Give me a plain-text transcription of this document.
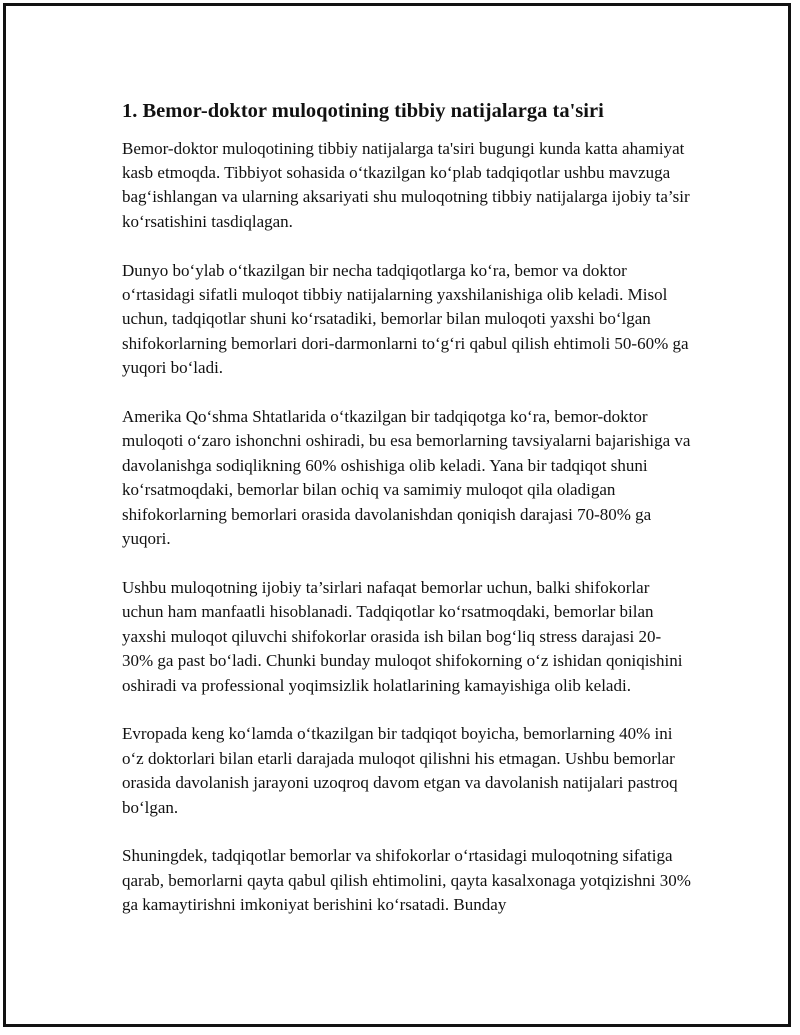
1. Bemor-doktor muloqotining tibbiy natijalarga ta'siri

Bemor-doktor muloqotining tibbiy natijalarga ta'siri bugungi kunda katta ahamiyat kasb etmoqda. Tibbiyot sohasida o‘tkazilgan ko‘plab tadqiqotlar ushbu mavzuga bag‘ishlangan va ularning aksariyati shu muloqotning tibbiy natijalarga ijobiy ta’sir ko‘rsatishini tasdiqlagan.

Dunyo bo‘ylab o‘tkazilgan bir necha tadqiqotlarga ko‘ra, bemor va doktor o‘rtasidagi sifatli muloqot tibbiy natijalarning yaxshilanishiga olib keladi. Misol uchun, tadqiqotlar shuni ko‘rsatadiki, bemorlar bilan muloqoti yaxshi bo‘lgan shifokorlarning bemorlari dori-darmonlarni to‘g‘ri qabul qilish ehtimoli 50-60% ga yuqori bo‘ladi.

Amerika Qo‘shma Shtatlarida o‘tkazilgan bir tadqiqotga ko‘ra, bemor-doktor muloqoti o‘zaro ishonchni oshiradi, bu esa bemorlarning tavsiyalarni bajarishiga va davolanishga sodiqlikning 60% oshishiga olib keladi. Yana bir tadqiqot shuni ko‘rsatmoqdaki, bemorlar bilan ochiq va samimiy muloqot qila oladigan shifokorlarning bemorlari orasida davolanishdan qoniqish darajasi 70-80% ga yuqori.

Ushbu muloqotning ijobiy ta’sirlari nafaqat bemorlar uchun, balki shifokorlar uchun ham manfaatli hisoblanadi. Tadqiqotlar ko‘rsatmoqdaki, bemorlar bilan yaxshi muloqot qiluvchi shifokorlar orasida ish bilan bog‘liq stress darajasi 20-30% ga past bo‘ladi. Chunki bunday muloqot shifokorning o‘z ishidan qoniqishini oshiradi va professional yoqimsizlik holatlarining kamayishiga olib keladi.

Evropada keng ko‘lamda o‘tkazilgan bir tadqiqot boyicha, bemorlarning 40% ini o‘z doktorlari bilan etarli darajada muloqot qilishni his etmagan. Ushbu bemorlar orasida davolanish jarayoni uzoqroq davom etgan va davolanish natijalari pastroq bo‘lgan.

Shuningdek, tadqiqotlar bemorlar va shifokorlar o‘rtasidagi muloqotning sifatiga qarab, bemorlarni qayta qabul qilish ehtimolini, qayta kasalxonaga yotqizishni 30% ga kamaytirishni imkoniyat berishini ko‘rsatadi. Bunday
